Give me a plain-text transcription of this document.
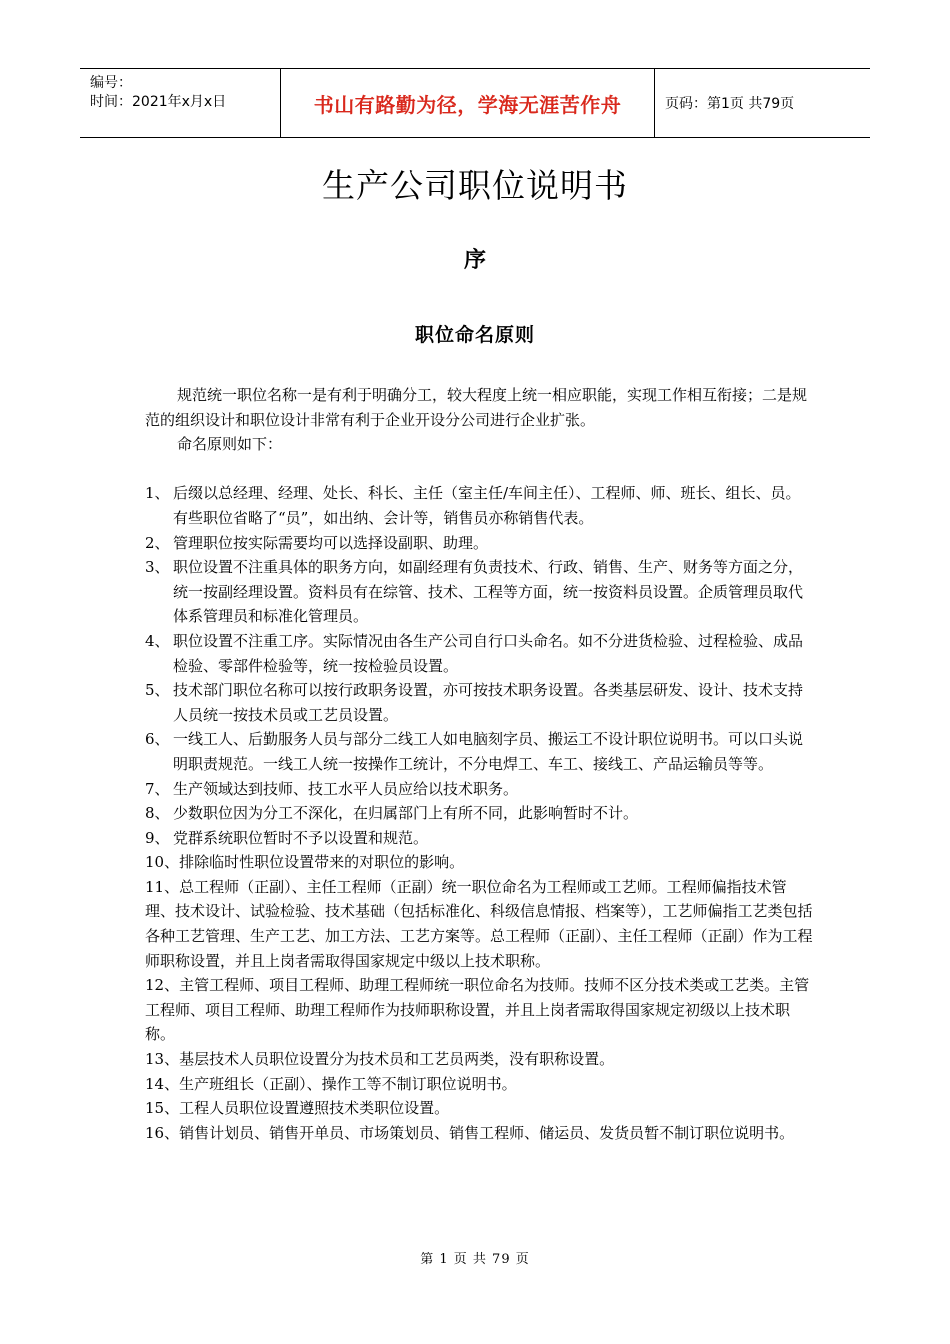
编号：
时间：2021年x月x日	书山有路勤为径，学海无涯苦作舟	页码：第1页 共79页
生产公司职位说明书
序
职位命名原则

规范统一职位名称一是有利于明确分工，较大程度上统一相应职能，实现工作相互衔接；二是规范的组织设计和职位设计非常有利于企业开设分公司进行企业扩张。

命名原则如下：

1、 后缀以总经理、经理、处长、科长、主任（室主任/车间主任）、工程师、师、班长、组长、员。有些职位省略了“员”，如出纳、会计等，销售员亦称销售代表。
2、 管理职位按实际需要均可以选择设副职、助理。
3、 职位设置不注重具体的职务方向，如副经理有负责技术、行政、销售、生产、财务等方面之分，统一按副经理设置。资料员有在综管、技术、工程等方面，统一按资料员设置。企质管理员取代体系管理员和标准化管理员。
4、 职位设置不注重工序。实际情况由各生产公司自行口头命名。如不分进货检验、过程检验、成品检验、零部件检验等，统一按检验员设置。
5、 技术部门职位名称可以按行政职务设置，亦可按技术职务设置。各类基层研发、设计、技术支持人员统一按技术员或工艺员设置。
6、 一线工人、后勤服务人员与部分二线工人如电脑刻字员、搬运工不设计职位说明书。可以口头说明职责规范。一线工人统一按操作工统计，不分电焊工、车工、接线工、产品运输员等等。
7、 生产领域达到技师、技工水平人员应给以技术职务。
8、 少数职位因为分工不深化，在归属部门上有所不同，此影响暂时不计。
9、 党群系统职位暂时不予以设置和规范。
10、排除临时性职位设置带来的对职位的影响。
11、总工程师（正副）、主任工程师（正副）统一职位命名为工程师或工艺师。工程师偏指技术管理、技术设计、试验检验、技术基础（包括标准化、科级信息情报、档案等），工艺师偏指工艺类包括各种工艺管理、生产工艺、加工方法、工艺方案等。总工程师（正副）、主任工程师（正副）作为工程师职称设置，并且上岗者需取得国家规定中级以上技术职称。
12、主管工程师、项目工程师、助理工程师统一职位命名为技师。技师不区分技术类或工艺类。主管工程师、项目工程师、助理工程师作为技师职称设置，并且上岗者需取得国家规定初级以上技术职称。
13、基层技术人员职位设置分为技术员和工艺员两类，没有职称设置。
14、生产班组长（正副）、操作工等不制订职位说明书。
15、工程人员职位设置遵照技术类职位设置。
16、销售计划员、销售开单员、市场策划员、销售工程师、储运员、发货员暂不制订职位说明书。
第 1 页 共 79 页
